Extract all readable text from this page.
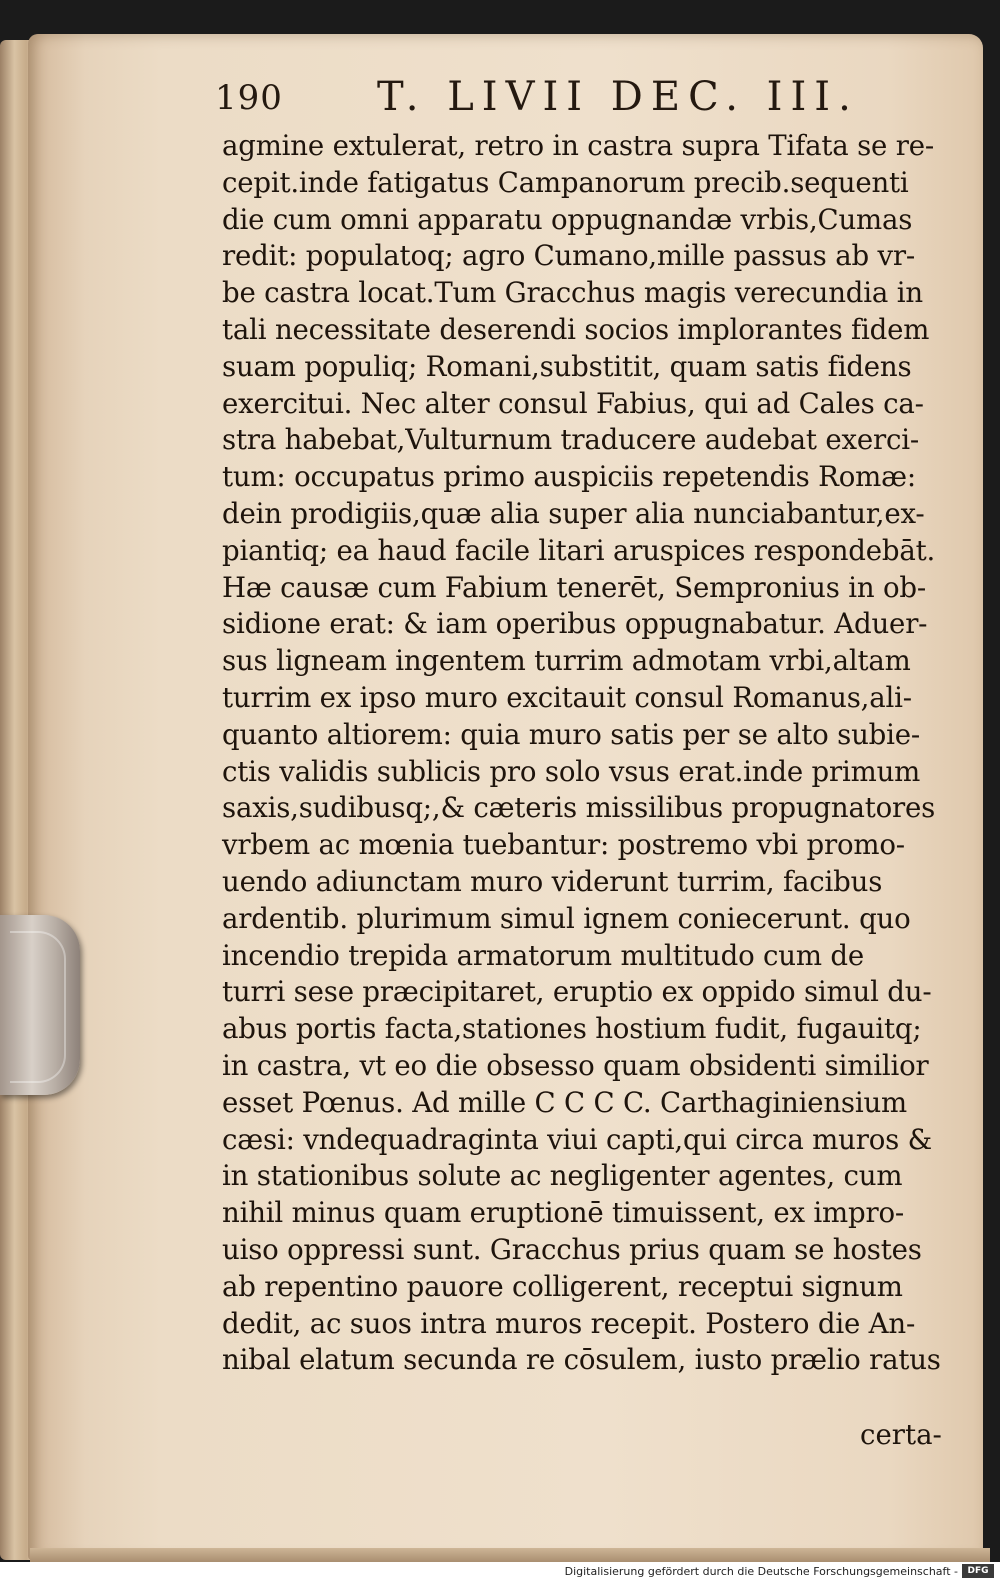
190 T. LIVII DEC. III.
agmine extulerat, retro in castra supra Tifata se re-
cepit.inde fatigatus Campanorum precib.sequenti
die cum omni apparatu oppugnandæ vrbis,Cumas
redit: populatoq; agro Cumano,mille passus ab vr-
be castra locat.Tum Gracchus magis verecundia in
tali necessitate deserendi socios implorantes fidem
suam populiq; Romani,substitit, quam satis fidens
exercitui. Nec alter consul Fabius, qui ad Cales ca-
stra habebat,Vulturnum traducere audebat exerci-
tum: occupatus primo auspiciis repetendis Romæ:
dein prodigiis,quæ alia super alia nunciabantur,ex-
piantiq; ea haud facile litari aruspices respondebāt.
Hæ causæ cum Fabium tenerēt, Sempronius in ob-
sidione erat: & iam operibus oppugnabatur. Aduer-
sus ligneam ingentem turrim admotam vrbi,altam
turrim ex ipso muro excitauit consul Romanus,ali-
quanto altiorem: quia muro satis per se alto subie-
ctis validis sublicis pro solo vsus erat.inde primum
saxis,sudibusq;,& cæteris missilibus propugnatores
vrbem ac mœnia tuebantur: postremo vbi promo-
uendo adiunctam muro viderunt turrim, facibus
ardentib. plurimum simul ignem coniecerunt. quo
incendio trepida armatorum multitudo cum de
turri sese præcipitaret, eruptio ex oppido simul du-
abus portis facta,stationes hostium fudit, fugauitq;
in castra, vt eo die obsesso quam obsidenti similior
esset Pœnus. Ad mille C C C C. Carthaginiensium
cæsi: vndequadraginta viui capti,qui circa muros &
in stationibus solute ac negligenter agentes, cum
nihil minus quam eruptionē timuissent, ex impro-
uiso oppressi sunt. Gracchus prius quam se hostes
ab repentino pauore colligerent, receptui signum
dedit, ac suos intra muros recepit. Postero die An-
nibal elatum secunda re cōsulem, iusto prælio ratus
certa-
Digitalisierung gefördert durch die Deutsche Forschungsgemeinschaft -	DFG
